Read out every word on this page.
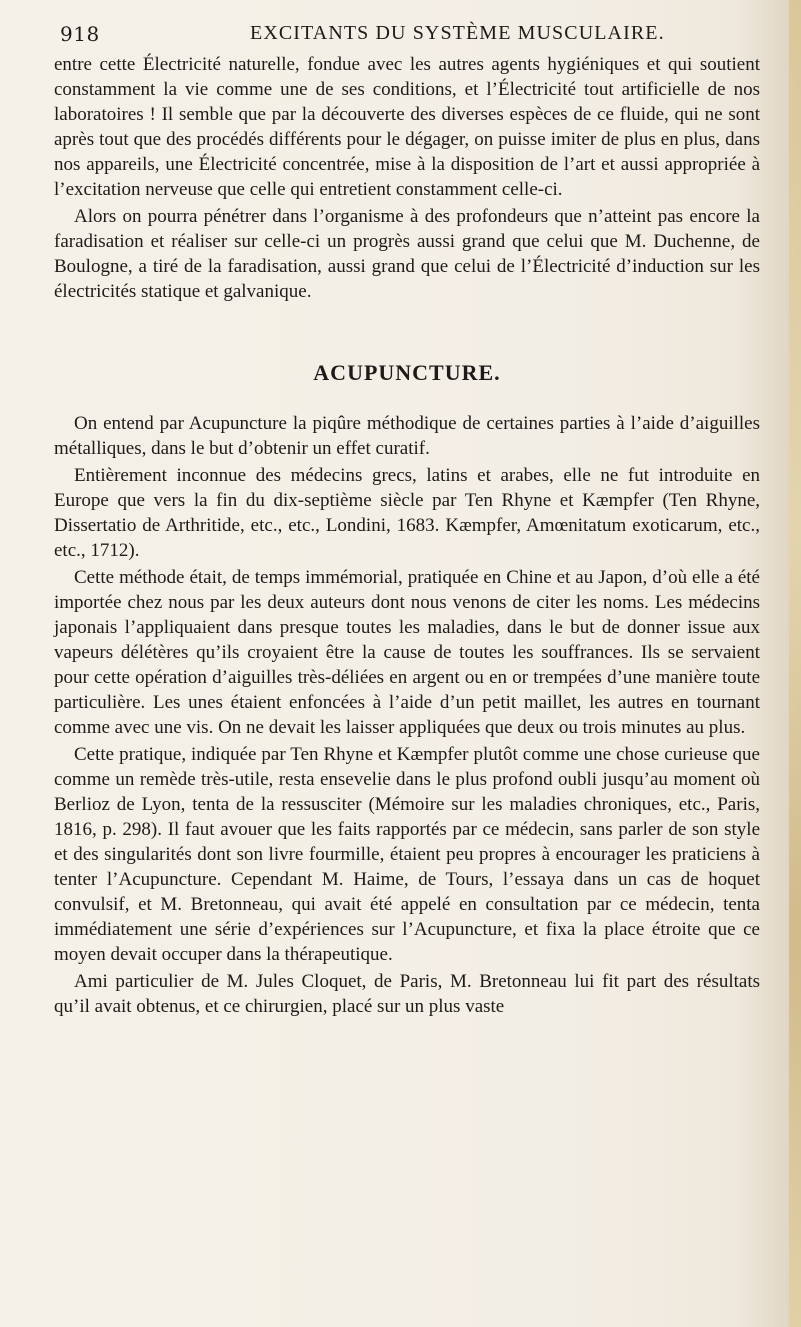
918	EXCITANTS DU SYSTÈME MUSCULAIRE.

entre cette Électricité naturelle, fondue avec les autres agents hygiéniques et qui soutient constamment la vie comme une de ses conditions, et l’Électricité tout artificielle de nos laboratoires ! Il semble que par la découverte des diverses espèces de ce fluide, qui ne sont après tout que des procédés différents pour le dégager, on puisse imiter de plus en plus, dans nos appareils, une Électricité concentrée, mise à la disposition de l’art et aussi appropriée à l’excitation nerveuse que celle qui entretient constamment celle-ci.

Alors on pourra pénétrer dans l’organisme à des profondeurs que n’atteint pas encore la faradisation et réaliser sur celle-ci un progrès aussi grand que celui que M. Duchenne, de Boulogne, a tiré de la faradisation, aussi grand que celui de l’Électricité d’induction sur les électricités statique et galvanique.

ACUPUNCTURE.

On entend par Acupuncture la piqûre méthodique de certaines parties à l’aide d’aiguilles métalliques, dans le but d’obtenir un effet curatif.

Entièrement inconnue des médecins grecs, latins et arabes, elle ne fut introduite en Europe que vers la fin du dix-septième siècle par Ten Rhyne et Kæmpfer (Ten Rhyne, Dissertatio de Arthritide, etc., etc., Londini, 1683. Kæmpfer, Amœnitatum exoticarum, etc., etc., 1712).

Cette méthode était, de temps immémorial, pratiquée en Chine et au Japon, d’où elle a été importée chez nous par les deux auteurs dont nous venons de citer les noms. Les médecins japonais l’appliquaient dans presque toutes les maladies, dans le but de donner issue aux vapeurs délétères qu’ils croyaient être la cause de toutes les souffrances. Ils se servaient pour cette opération d’aiguilles très-déliées en argent ou en or trempées d’une manière toute particulière. Les unes étaient enfoncées à l’aide d’un petit maillet, les autres en tournant comme avec une vis. On ne devait les laisser appliquées que deux ou trois minutes au plus.

Cette pratique, indiquée par Ten Rhyne et Kæmpfer plutôt comme une chose curieuse que comme un remède très-utile, resta ensevelie dans le plus profond oubli jusqu’au moment où Berlioz de Lyon, tenta de la ressusciter (Mémoire sur les maladies chroniques, etc., Paris, 1816, p. 298). Il faut avouer que les faits rapportés par ce médecin, sans parler de son style et des singularités dont son livre fourmille, étaient peu propres à encourager les praticiens à tenter l’Acupuncture. Cependant M. Haime, de Tours, l’essaya dans un cas de hoquet convulsif, et M. Bretonneau, qui avait été appelé en consultation par ce médecin, tenta immédiatement une série d’expériences sur l’Acupuncture, et fixa la place étroite que ce moyen devait occuper dans la thérapeutique.

Ami particulier de M. Jules Cloquet, de Paris, M. Bretonneau lui fit part des résultats qu’il avait obtenus, et ce chirurgien, placé sur un plus vaste
